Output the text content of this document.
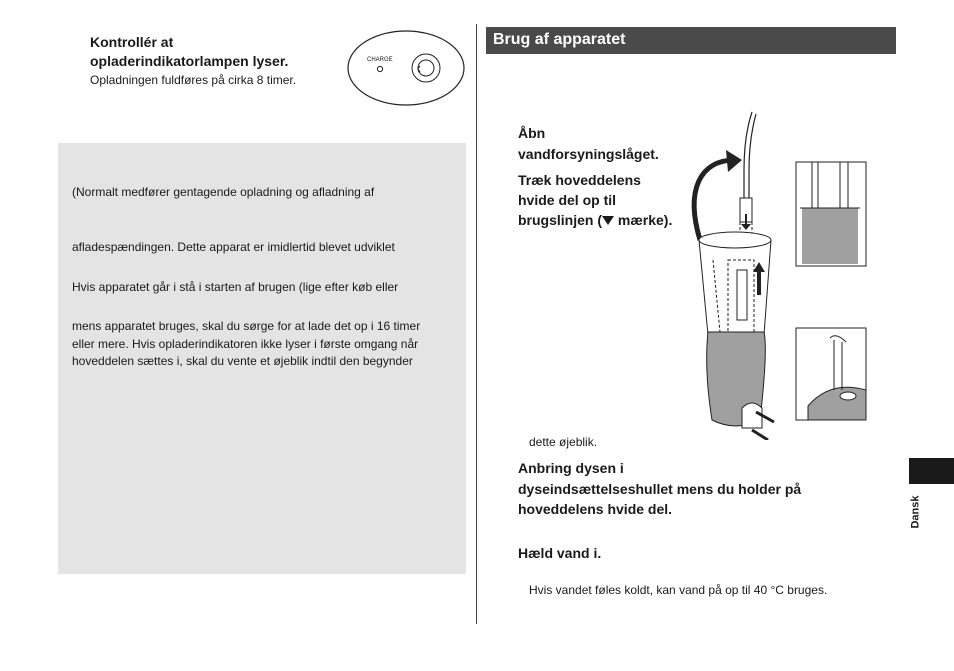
Kontrollér at
opladerindikatorlampen lyser.
Opladningen fuldføres på cirka 8 timer.
CHARGE
(Normalt medfører gentagende opladning og afladning af
afladespændingen. Dette apparat er imidlertid blevet udviklet
Hvis apparatet går i stå i starten af brugen (lige efter køb eller
mens apparatet bruges, skal du sørge for at lade det op i 16 timer
eller mere. Hvis opladerindikatoren ikke lyser i første omgang når
hoveddelen sættes i, skal du vente et øjeblik indtil den begynder
Brug af apparatet
Åbn
vandforsyningslåget.
Træk hoveddelens
hvide del op til
brugslinjen ( mærke).
dette øjeblik.
Anbring dysen i
dyseindsættelseshullet mens du holder på
hoveddelens hvide del.
Hæld vand i.
Hvis vandet føles koldt, kan vand på op til 40 °C bruges.
Dansk
